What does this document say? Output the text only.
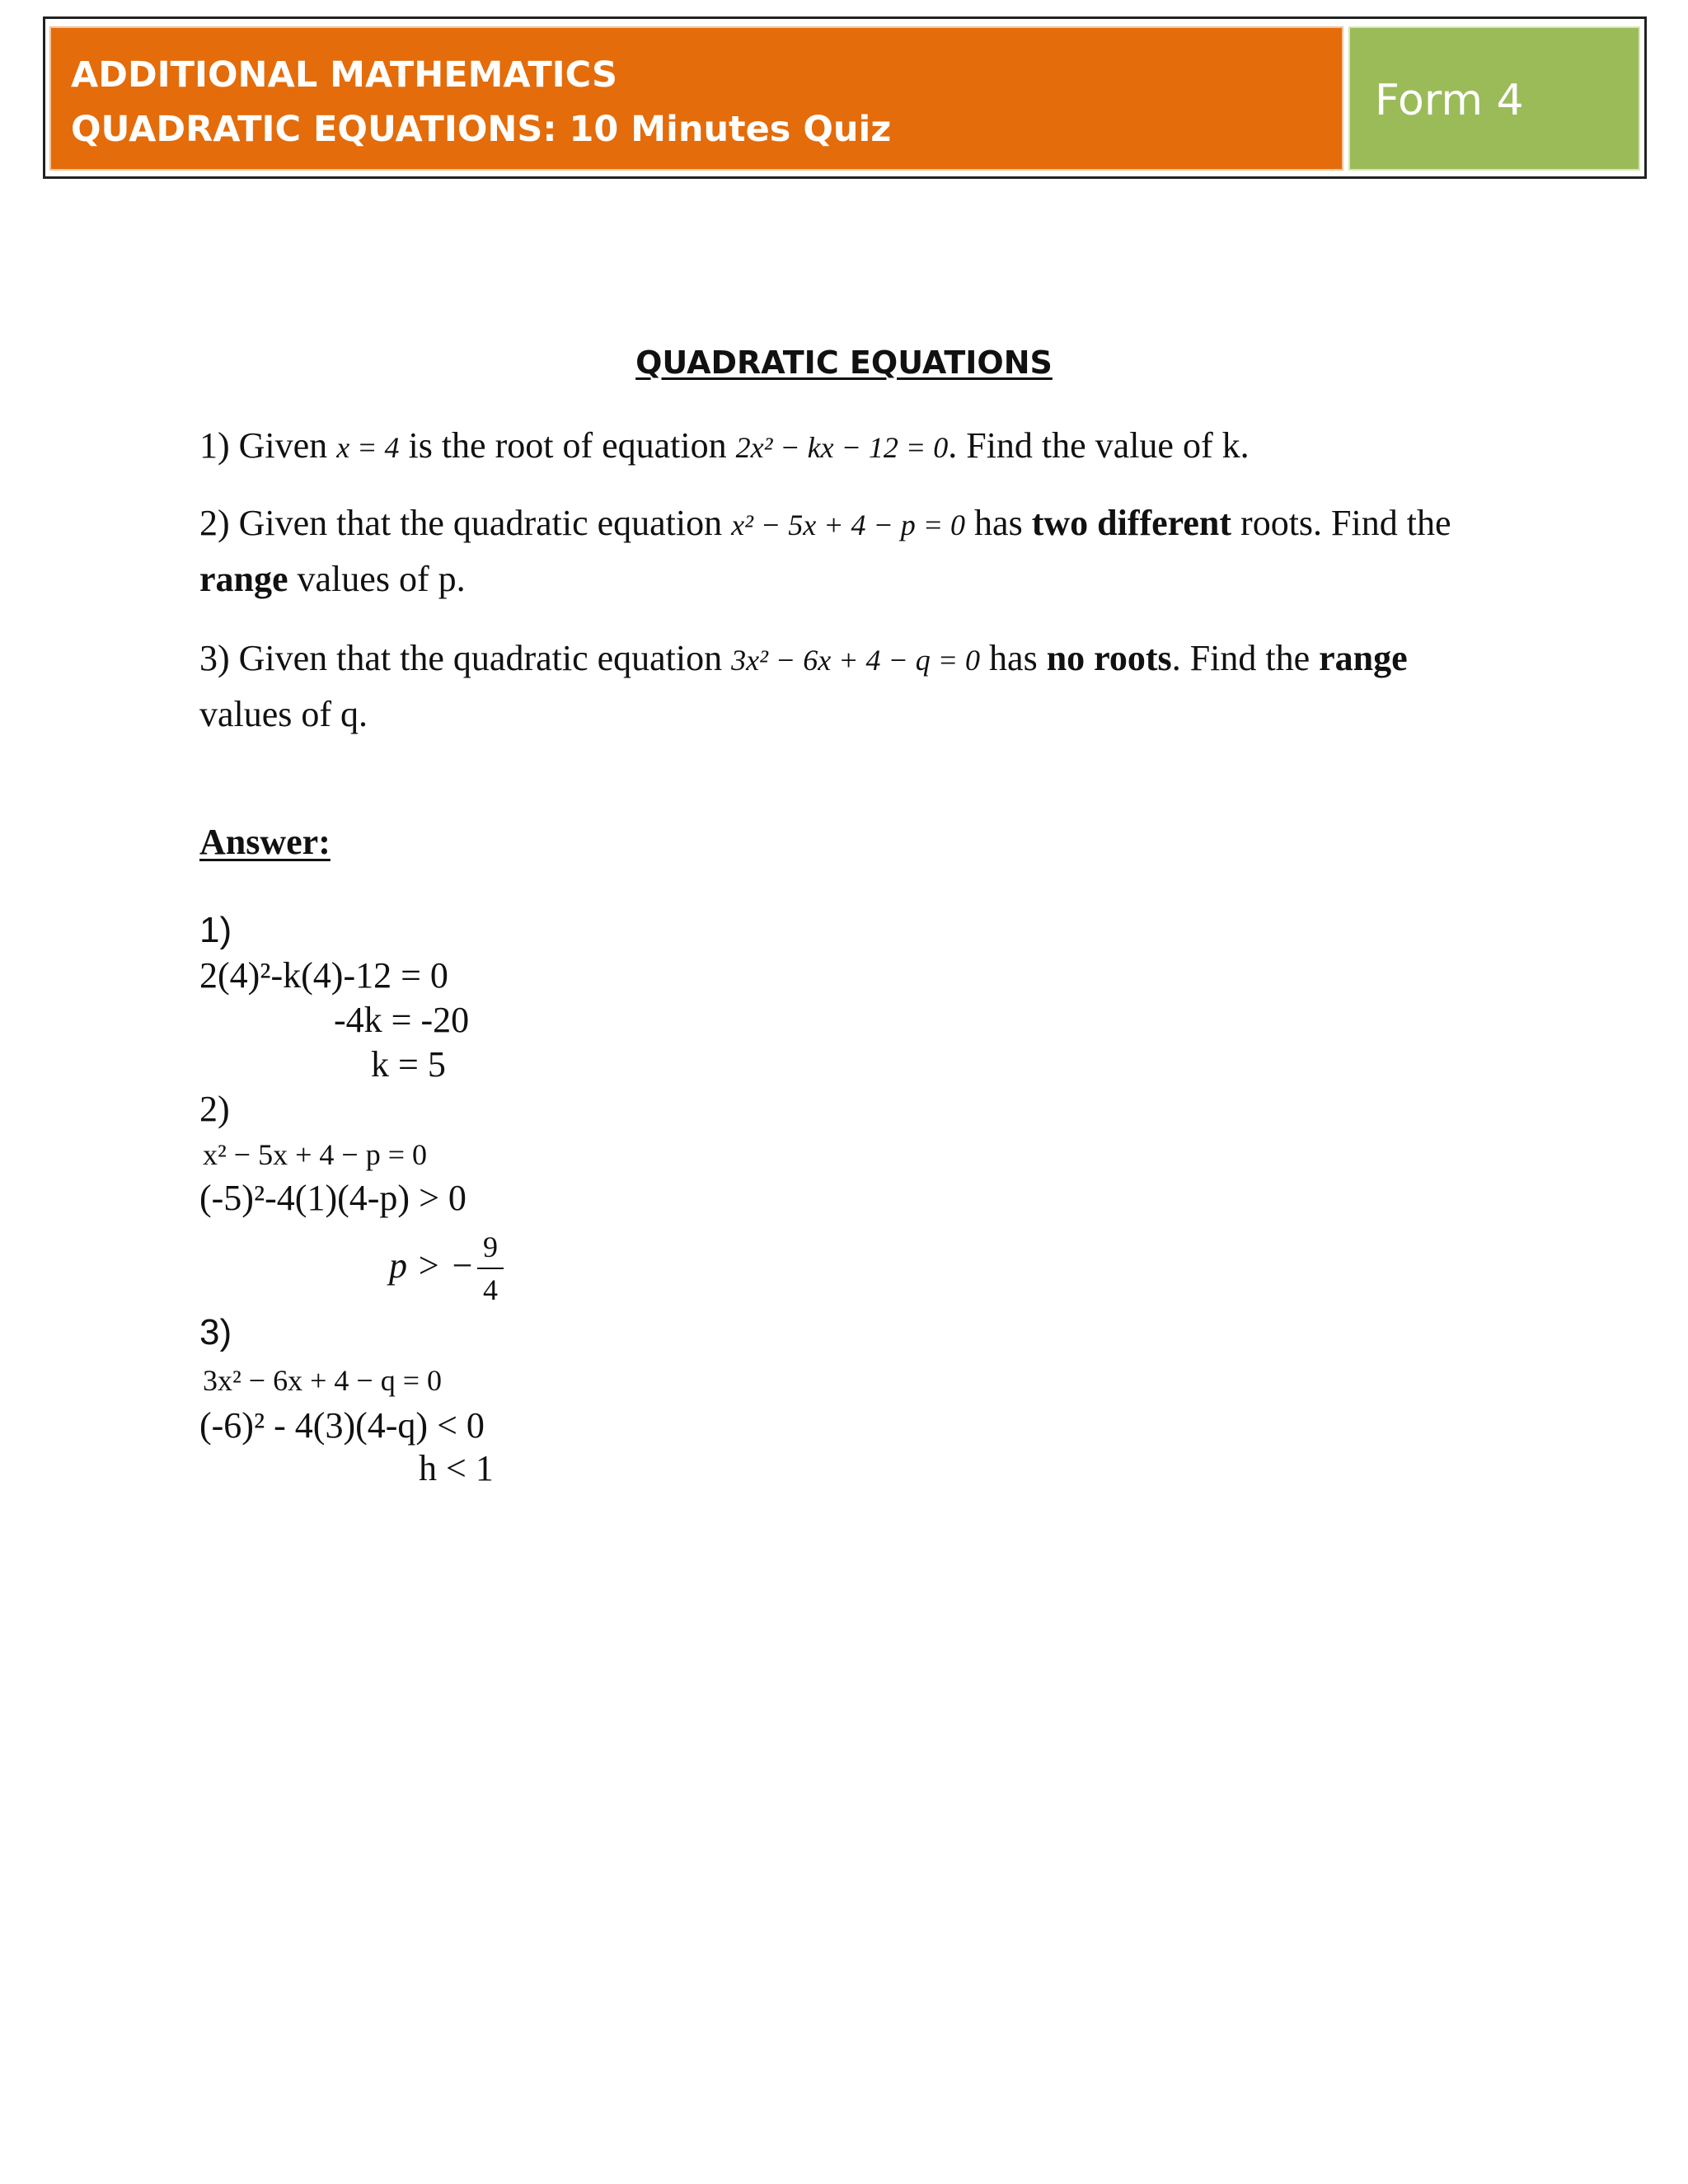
ADDITIONAL MATHEMATICS
QUADRATIC EQUATIONS: 10 Minutes Quiz
Form 4
QUADRATIC EQUATIONS
1) Given x = 4 is the root of equation 2x² − kx − 12 = 0. Find the value of k.
2) Given that the quadratic equation x² − 5x + 4 − p = 0 has two different roots. Find the range values of p.
3) Given that the quadratic equation 3x² − 6x + 4 − q = 0 has no roots. Find the range values of q.
Answer:
1)
2(4)²-k(4)-12 = 0
-4k = -20
k = 5
2)
x² − 5x + 4 − p = 0
(-5)²-4(1)(4-p) > 0
p > − 9
4
3)
3x² − 6x + 4 − q = 0
(-6)² - 4(3)(4-q) < 0
h < 1
